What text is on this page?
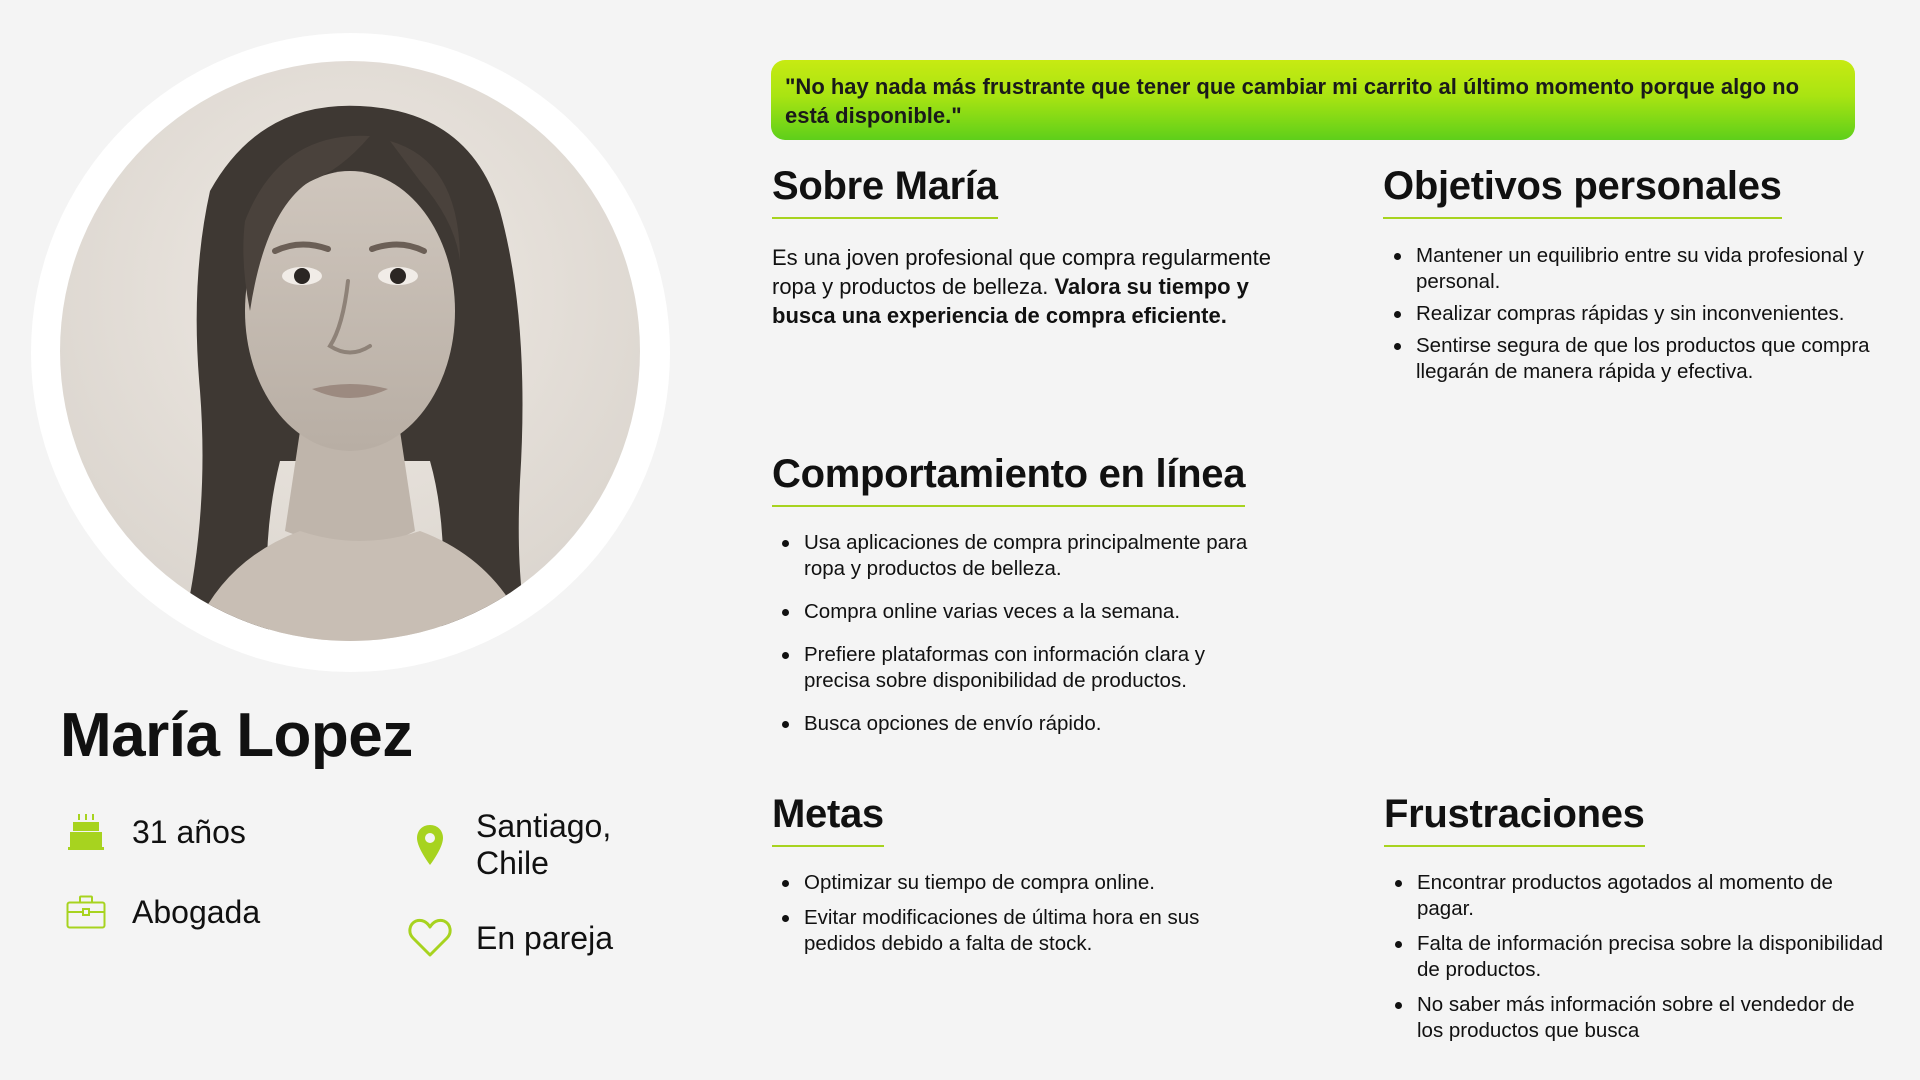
María Lopez
31 años
Abogada
Santiago, Chile
En pareja
"No hay nada más frustrante que tener que cambiar mi carrito al último momento porque algo no está disponible."
Sobre María
Es una joven profesional que compra regularmente ropa y productos de belleza. Valora su tiempo y busca una experiencia de compra eficiente.
Objetivos personales
Mantener un equilibrio entre su vida profesional y personal.
Realizar compras rápidas y sin inconvenientes.
Sentirse segura de que los productos que compra llegarán de manera rápida y efectiva.
Comportamiento en línea
Usa aplicaciones de compra principalmente para ropa y productos de belleza.
Compra online varias veces a la semana.
Prefiere plataformas con información clara y precisa sobre disponibilidad de productos.
Busca opciones de envío rápido.
Metas
Optimizar su tiempo de compra online.
Evitar modificaciones de última hora en sus pedidos debido a falta de stock.
Frustraciones
Encontrar productos agotados al momento de pagar.
Falta de información precisa sobre la disponibilidad de productos.
No saber más información sobre el vendedor de los productos que busca
